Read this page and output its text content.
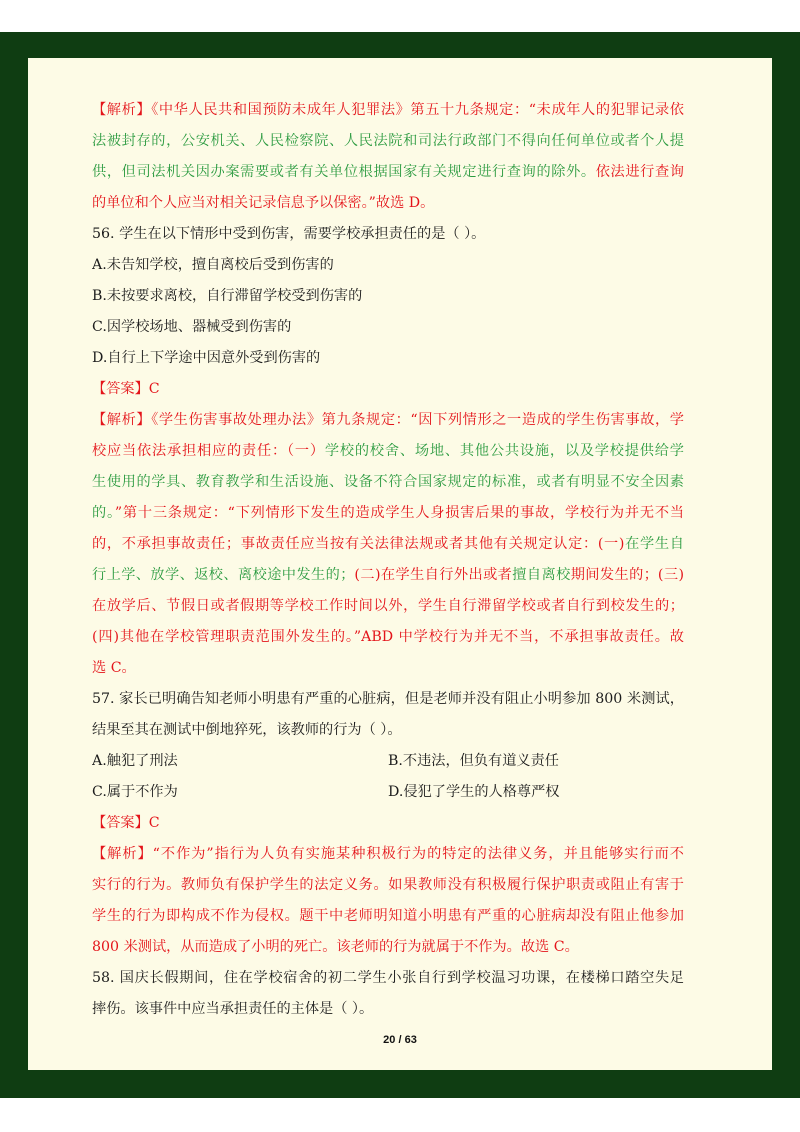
【解析】《中华人民共和国预防未成年人犯罪法》第五十九条规定：“未成年人的犯罪记录依
法被封存的，公安机关、人民检察院、人民法院和司法行政部门不得向任何单位或者个人提
供，但司法机关因办案需要或者有关单位根据国家有关规定进行查询的除外。依法进行查询
的单位和个人应当对相关记录信息予以保密。”故选 D。
56. 学生在以下情形中受到伤害，需要学校承担责任的是（ ）。
A.未告知学校，擅自离校后受到伤害的
B.未按要求离校，自行滞留学校受到伤害的
C.因学校场地、器械受到伤害的
D.自行上下学途中因意外受到伤害的
【答案】C
【解析】《学生伤害事故处理办法》第九条规定：“因下列情形之一造成的学生伤害事故，学
校应当依法承担相应的责任：（一）学校的校舍、场地、其他公共设施，以及学校提供给学
生使用的学具、教育教学和生活设施、设备不符合国家规定的标准，或者有明显不安全因素
的。”第十三条规定：“下列情形下发生的造成学生人身损害后果的事故，学校行为并无不当
的，不承担事故责任；事故责任应当按有关法律法规或者其他有关规定认定：(一)在学生自
行上学、放学、返校、离校途中发生的；(二)在学生自行外出或者擅自离校期间发生的；(三)
在放学后、节假日或者假期等学校工作时间以外，学生自行滞留学校或者自行到校发生的；
(四)其他在学校管理职责范围外发生的。”ABD 中学校行为并无不当，不承担事故责任。故
选 C。
57. 家长已明确告知老师小明患有严重的心脏病，但是老师并没有阻止小明参加 800 米测试，
结果至其在测试中倒地猝死，该教师的行为（ ）。
A.触犯了刑法	B.不违法，但负有道义责任
C.属于不作为	D.侵犯了学生的人格尊严权
【答案】C
【解析】“不作为”指行为人负有实施某种积极行为的特定的法律义务，并且能够实行而不
实行的行为。教师负有保护学生的法定义务。如果教师没有积极履行保护职责或阻止有害于
学生的行为即构成不作为侵权。题干中老师明知道小明患有严重的心脏病却没有阻止他参加
800 米测试，从而造成了小明的死亡。该老师的行为就属于不作为。故选 C。
58. 国庆长假期间，住在学校宿舍的初二学生小张自行到学校温习功课，在楼梯口踏空失足
摔伤。该事件中应当承担责任的主体是（ ）。
20 / 63
